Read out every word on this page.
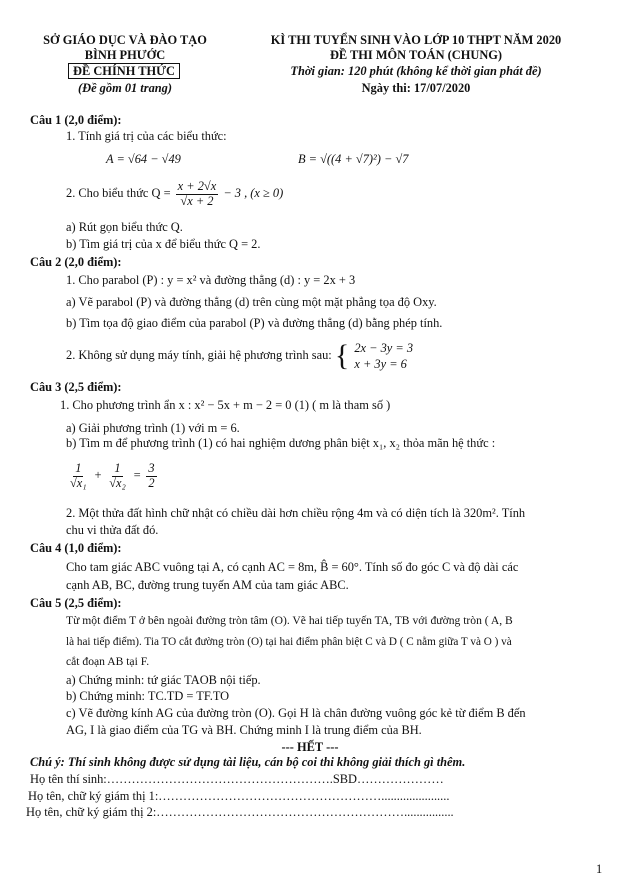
SỞ GIÁO DỤC VÀ ĐÀO TẠO
BÌNH PHƯỚC
ĐỀ CHÍNH THỨC
(Đề gồm 01 trang)
KÌ THI TUYỂN SINH VÀO LỚP 10 THPT NĂM 2020
ĐỀ THI MÔN TOÁN (CHUNG)
Thời gian: 120 phút (không kể thời gian phát đề)
Ngày thi: 17/07/2020
Câu 1 (2,0 điểm):
1. Tính giá trị của các biểu thức:
A = √64 − √49	B = √((4 + √7)²) − √7
2. Cho biểu thức $Q = \frac{x + 2√x}{√x + 2} - 3$ , (x ≥ 0)
a) Rút gọn biểu thức Q.
b) Tìm giá trị của x để biểu thức Q = 2.
Câu 2 (2,0 điểm):
1. Cho parabol (P) : y = x² và đường thẳng (d) : y = 2x + 3
a) Vẽ parabol (P) và đường thẳng (d) trên cùng một mặt phẳng tọa độ Oxy.
b) Tìm tọa độ giao điểm của parabol (P) và đường thẳng (d) bằng phép tính.
2. Không sử dụng máy tính, giải hệ phương trình sau: { 2x − 3y = 3
x + 3y = 6
Câu 3 (2,5 điểm):
1. Cho phương trình ẩn x : x² − 5x + m − 2 = 0 (1) ( m là tham số )
a) Giải phương trình (1) với m = 6.
b) Tìm m để phương trình (1) có hai nghiệm dương phân biệt x₁, x₂ thỏa mãn hệ thức :
$\frac{1}{\text{√x₁}} + \frac{1}{\text{√x₂}} = \frac{3}{2}$
2. Một thửa đất hình chữ nhật có chiều dài hơn chiều rộng 4m và có diện tích là 320m². Tính
chu vi thửa đất đó.
Câu 4 (1,0 điểm):
Cho tam giác ABC vuông tại A, có cạnh AC = 8m, B̂ = 60°. Tính số đo góc C và độ dài các
cạnh AB, BC, đường trung tuyến AM của tam giác ABC.
Câu 5 (2,5 điểm):
Từ một điểm T ở bên ngoài đường tròn tâm (O). Vẽ hai tiếp tuyến TA, TB với đường tròn ( A, B
là hai tiếp điểm). Tia TO cắt đường tròn (O) tại hai điểm phân biệt C và D ( C nằm giữa T và O ) và
cắt đoạn AB tại F.
a) Chứng minh: tứ giác TAOB nội tiếp.
b) Chứng minh: TC.TD = TF.TO
c) Vẽ đường kính AG của đường tròn (O). Gọi H là chân đường vuông góc kẻ từ điểm B đến
AG, I là giao điểm của TG và BH. Chứng minh I là trung điểm của BH.
--- HẾT ---
Chú ý: Thí sinh không được sử dụng tài liệu, cán bộ coi thi không giải thích gì thêm.
Họ tên thí sinh:……………………………………………….SBD…………………
Họ tên, chữ ký giám thị 1:………………………………………………......................
Họ tên, chữ ký giám thị 2:……………………………………………………................
1
